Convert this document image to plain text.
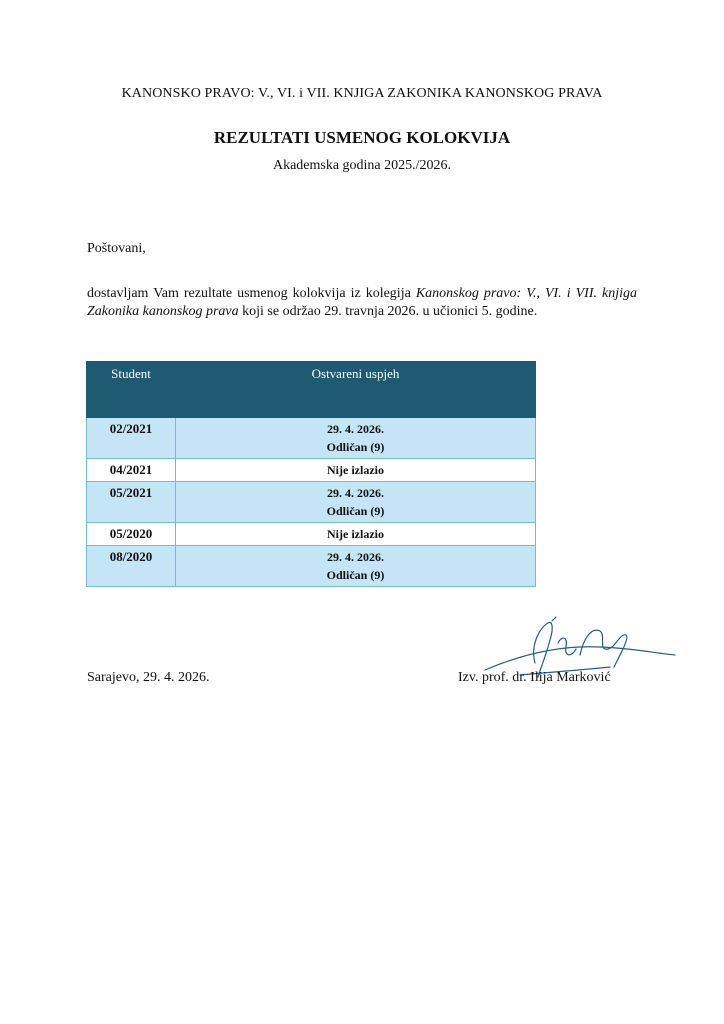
KANONSKO PRAVO: V., VI. i VII. KNJIGA ZAKONIKA KANONSKOG PRAVA
REZULTATI USMENOG KOLOKVIJA
Akademska godina 2025./2026.
Poštovani,
dostavljam Vam rezultate usmenog kolokvija iz kolegija Kanonskog pravo: V., VI. i VII. knjiga Zakonika kanonskog prava koji se održao 29. travnja 2026. u učionici 5. godine.
Student	Ostvareni uspjeh
02/2021	29. 4. 2026.
Odličan (9)

04/2021	Nije izlazio

05/2021	29. 4. 2026.
Odličan (9)

05/2020	Nije izlazio

08/2020	29. 4. 2026.
Odličan (9)
Sarajevo, 29. 4. 2026.	Izv. prof. dr. Ilija Marković
